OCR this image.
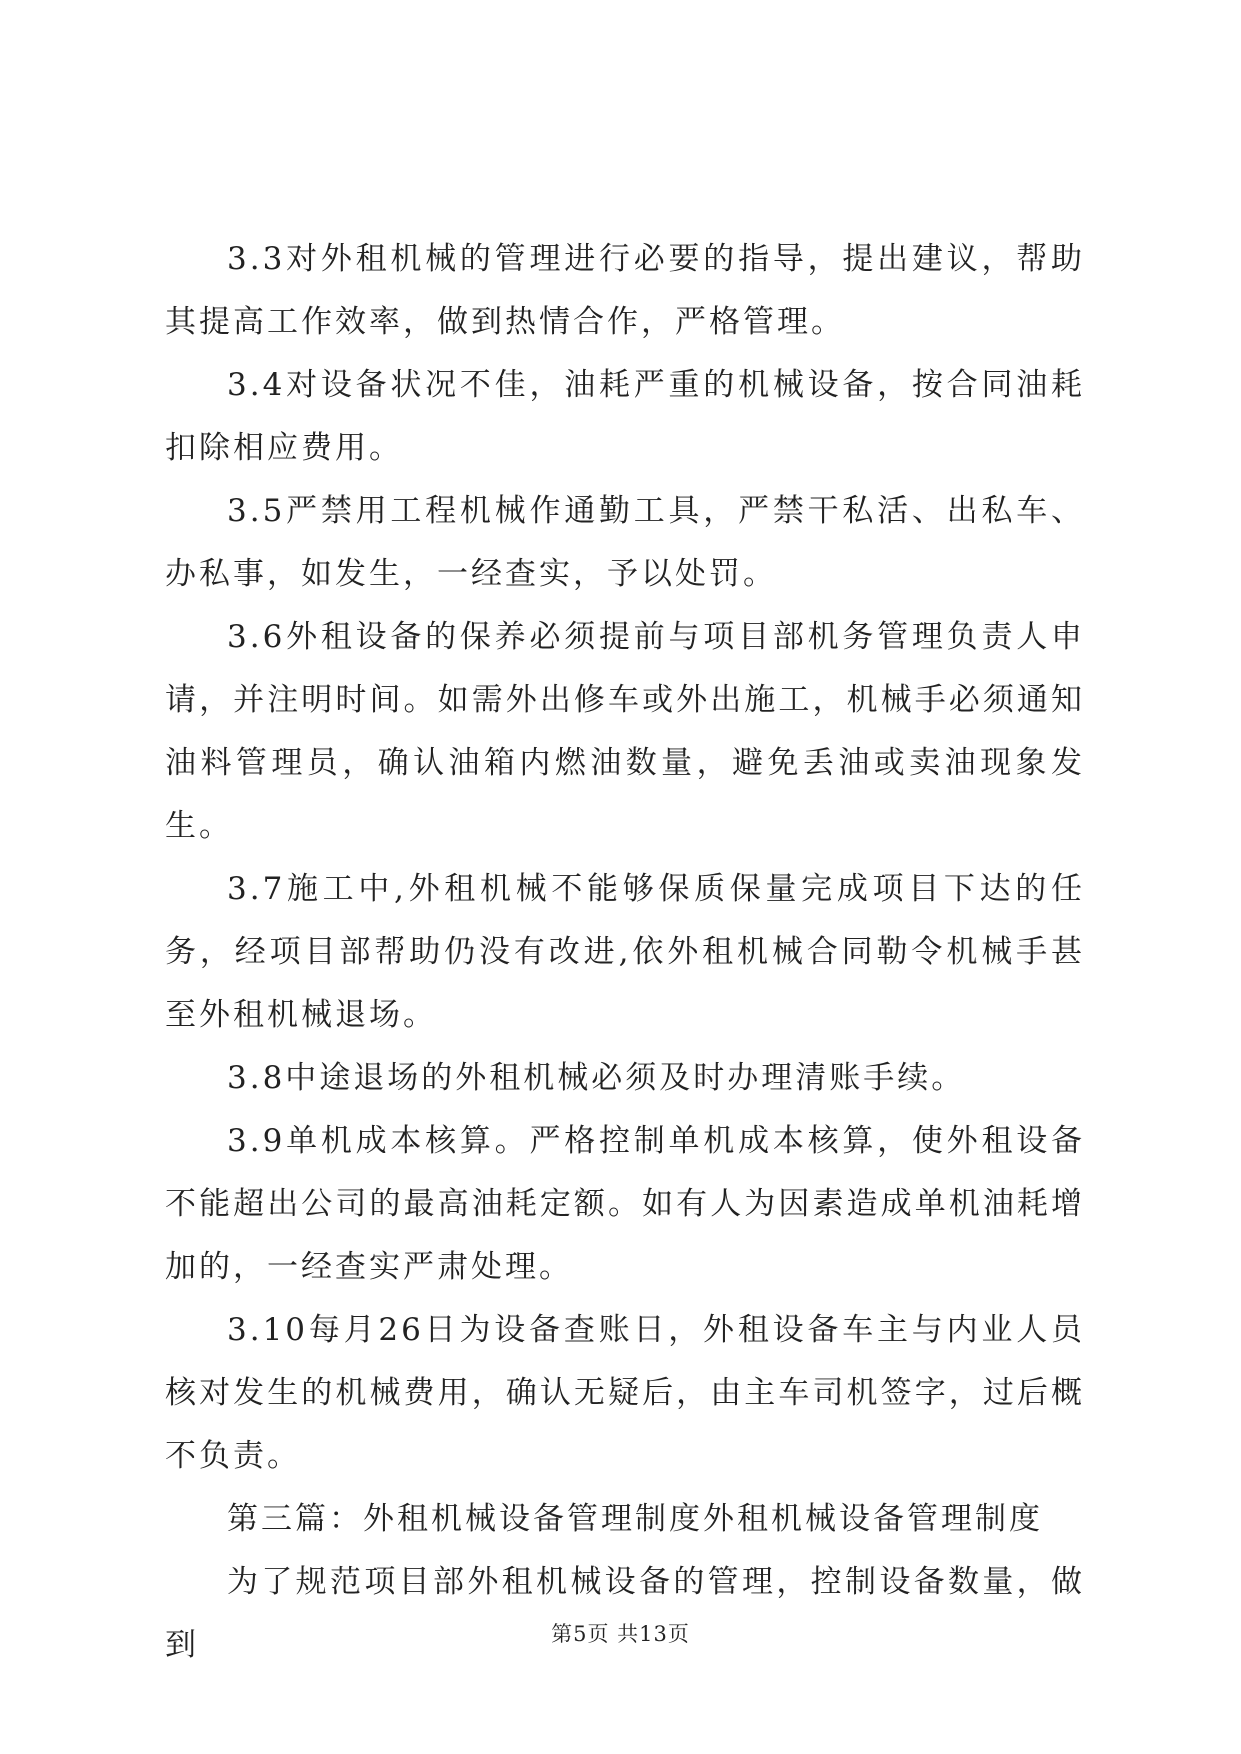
3.3对外租机械的管理进行必要的指导，提出建议，帮助其提高工作效率，做到热情合作，严格管理。

3.4对设备状况不佳，油耗严重的机械设备，按合同油耗扣除相应费用。

3.5严禁用工程机械作通勤工具，严禁干私活、出私车、办私事，如发生，一经查实，予以处罚。

3.6外租设备的保养必须提前与项目部机务管理负责人申请，并注明时间。如需外出修车或外出施工，机械手必须通知油料管理员，确认油箱内燃油数量，避免丢油或卖油现象发生。

3.7施工中,外租机械不能够保质保量完成项目下达的任务，经项目部帮助仍没有改进,依外租机械合同勒令机械手甚至外租机械退场。

3.8中途退场的外租机械必须及时办理清账手续。

3.9单机成本核算。严格控制单机成本核算，使外租设备不能超出公司的最高油耗定额。如有人为因素造成单机油耗增加的，一经查实严肃处理。

3.10每月26日为设备查账日，外租设备车主与内业人员核对发生的机械费用，确认无疑后，由主车司机签字，过后概不负责。

第三篇：外租机械设备管理制度外租机械设备管理制度

为了规范项目部外租机械设备的管理，控制设备数量，做到	第5页 共13页
